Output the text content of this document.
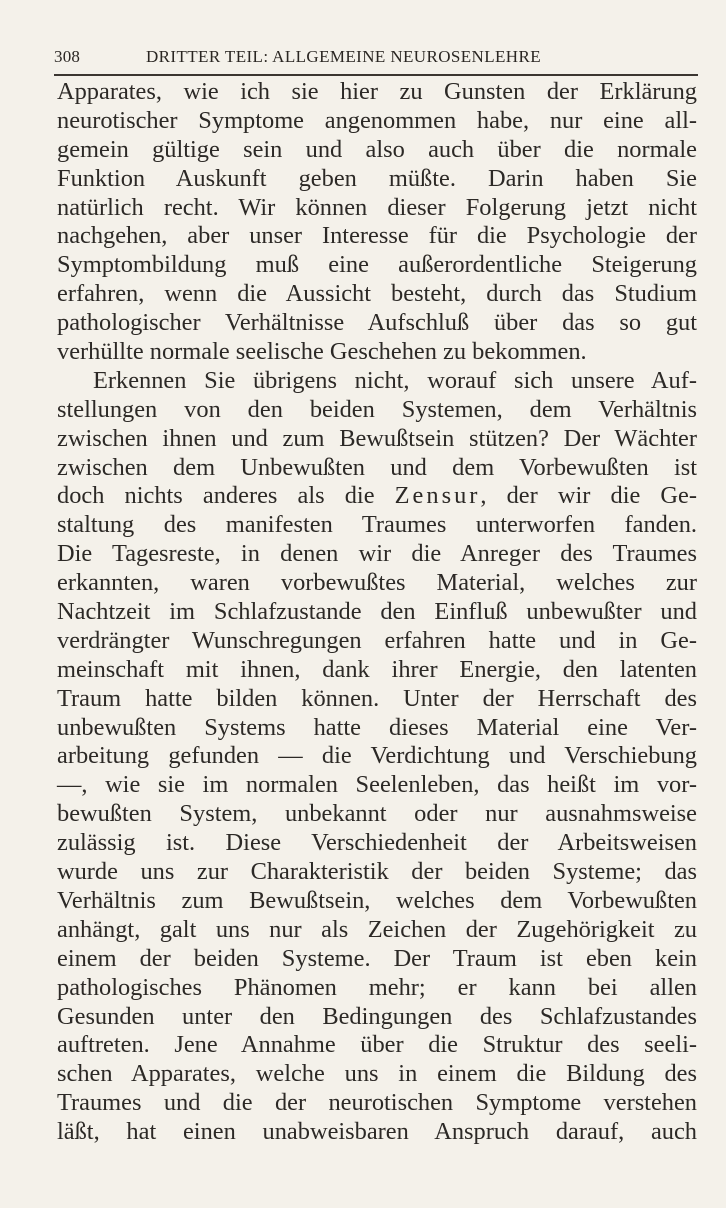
308	DRITTER TEIL: ALLGEMEINE NEUROSENLEHRE
Apparates, wie ich sie hier zu Gunsten der Erklärung
neurotischer Symptome angenommen habe, nur eine all-
gemein gültige sein und also auch über die normale
Funktion Auskunft geben müßte. Darin haben Sie
natürlich recht. Wir können dieser Folgerung jetzt nicht
nachgehen, aber unser Interesse für die Psychologie der
Symptombildung muß eine außerordentliche Steigerung
erfahren, wenn die Aussicht besteht, durch das Studium
pathologischer Verhältnisse Aufschluß über das so gut
verhüllte normale seelische Geschehen zu bekommen.
Erkennen Sie übrigens nicht, worauf sich unsere Auf-
stellungen von den beiden Systemen, dem Verhältnis
zwischen ihnen und zum Bewußtsein stützen? Der Wächter
zwischen dem Unbewußten und dem Vorbewußten ist
doch nichts anderes als die Zensur, der wir die Ge-
staltung des manifesten Traumes unterworfen fanden.
Die Tagesreste, in denen wir die Anreger des Traumes
erkannten, waren vorbewußtes Material, welches zur
Nachtzeit im Schlafzustande den Einfluß unbewußter und
verdrängter Wunschregungen erfahren hatte und in Ge-
meinschaft mit ihnen, dank ihrer Energie, den latenten
Traum hatte bilden können. Unter der Herrschaft des
unbewußten Systems hatte dieses Material eine Ver-
arbeitung gefunden — die Verdichtung und Verschiebung
—, wie sie im normalen Seelenleben, das heißt im vor-
bewußten System, unbekannt oder nur ausnahmsweise
zulässig ist. Diese Verschiedenheit der Arbeitsweisen
wurde uns zur Charakteristik der beiden Systeme; das
Verhältnis zum Bewußtsein, welches dem Vorbewußten
anhängt, galt uns nur als Zeichen der Zugehörigkeit zu
einem der beiden Systeme. Der Traum ist eben kein
pathologisches Phänomen mehr; er kann bei allen
Gesunden unter den Bedingungen des Schlafzustandes
auftreten. Jene Annahme über die Struktur des seeli-
schen Apparates, welche uns in einem die Bildung des
Traumes und die der neurotischen Symptome verstehen
läßt, hat einen unabweisbaren Anspruch darauf, auch
